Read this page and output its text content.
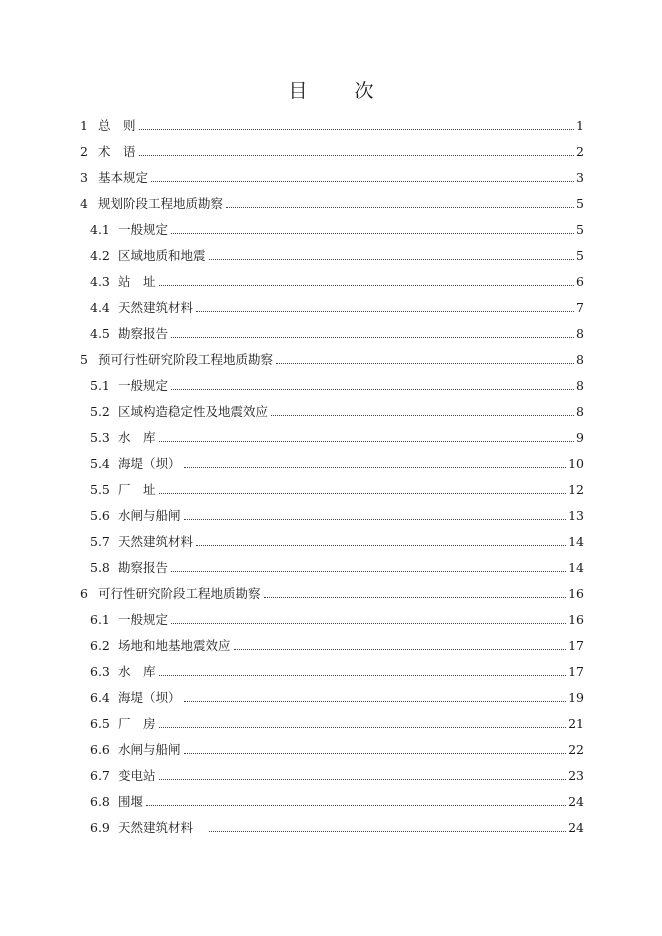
目　次
1 总　则	1
2 术　语	2
3 基本规定	3
4 规划阶段工程地质勘察	5
4.1 一般规定	5
4.2 区域地质和地震	5
4.3 站　址	6
4.4 天然建筑材料	7
4.5 勘察报告	8
5 预可行性研究阶段工程地质勘察	8
5.1 一般规定	8
5.2 区域构造稳定性及地震效应	8
5.3 水　库	9
5.4 海堤（坝）	10
5.5 厂　址	12
5.6 水闸与船闸	13
5.7 天然建筑材料	14
5.8 勘察报告	14
6 可行性研究阶段工程地质勘察	16
6.1 一般规定	16
6.2 场地和地基地震效应	17
6.3 水　库	17
6.4 海堤（坝）	19
6.5 厂　房	21
6.6 水闸与船闸	22
6.7 变电站	23
6.8 围堰	24
6.9 天然建筑材料　	24
